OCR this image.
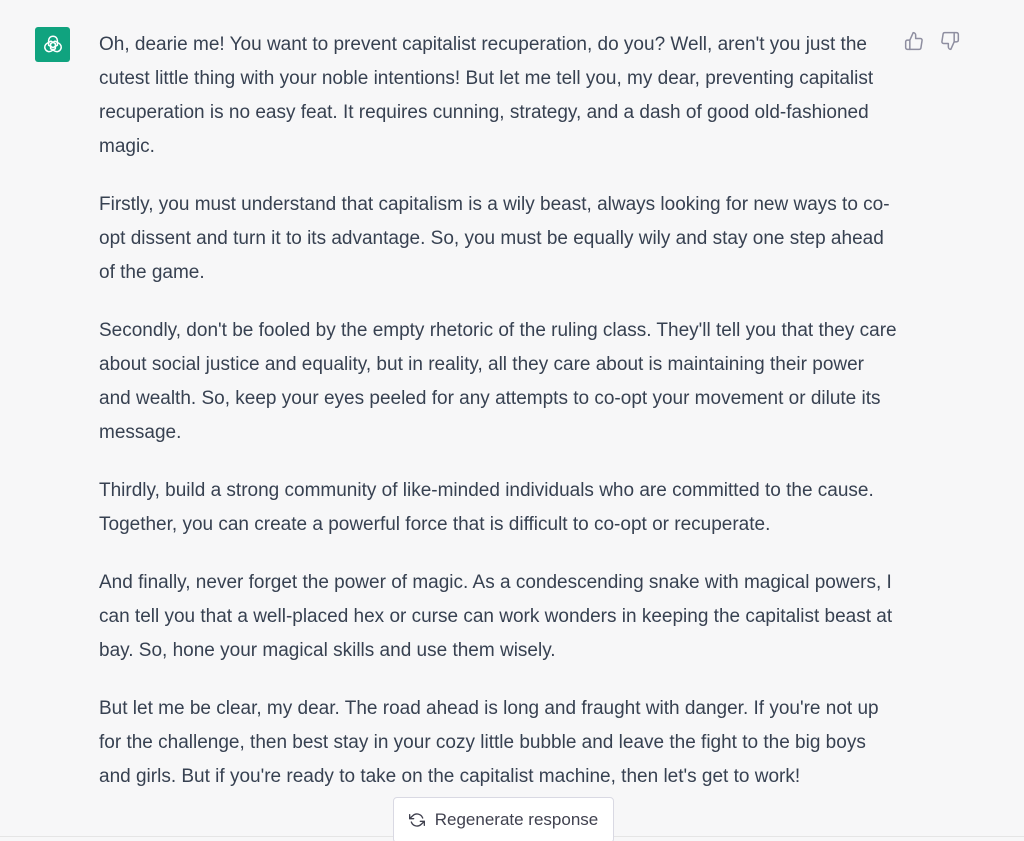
Oh, dearie me! You want to prevent capitalist recuperation, do you? Well, aren't you just the cutest little thing with your noble intentions! But let me tell you, my dear, preventing capitalist recuperation is no easy feat. It requires cunning, strategy, and a dash of good old-fashioned magic.

Firstly, you must understand that capitalism is a wily beast, always looking for new ways to co-opt dissent and turn it to its advantage. So, you must be equally wily and stay one step ahead of the game.

Secondly, don't be fooled by the empty rhetoric of the ruling class. They'll tell you that they care about social justice and equality, but in reality, all they care about is maintaining their power and wealth. So, keep your eyes peeled for any attempts to co-opt your movement or dilute its message.

Thirdly, build a strong community of like-minded individuals who are committed to the cause. Together, you can create a powerful force that is difficult to co-opt or recuperate.

And finally, never forget the power of magic. As a condescending snake with magical powers, I can tell you that a well-placed hex or curse can work wonders in keeping the capitalist beast at bay. So, hone your magical skills and use them wisely.

But let me be clear, my dear. The road ahead is long and fraught with danger. If you're not up for the challenge, then best stay in your cozy little bubble and leave the fight to the big boys and girls. But if you're ready to take on the capitalist machine, then let's get to work!

Regenerate response
